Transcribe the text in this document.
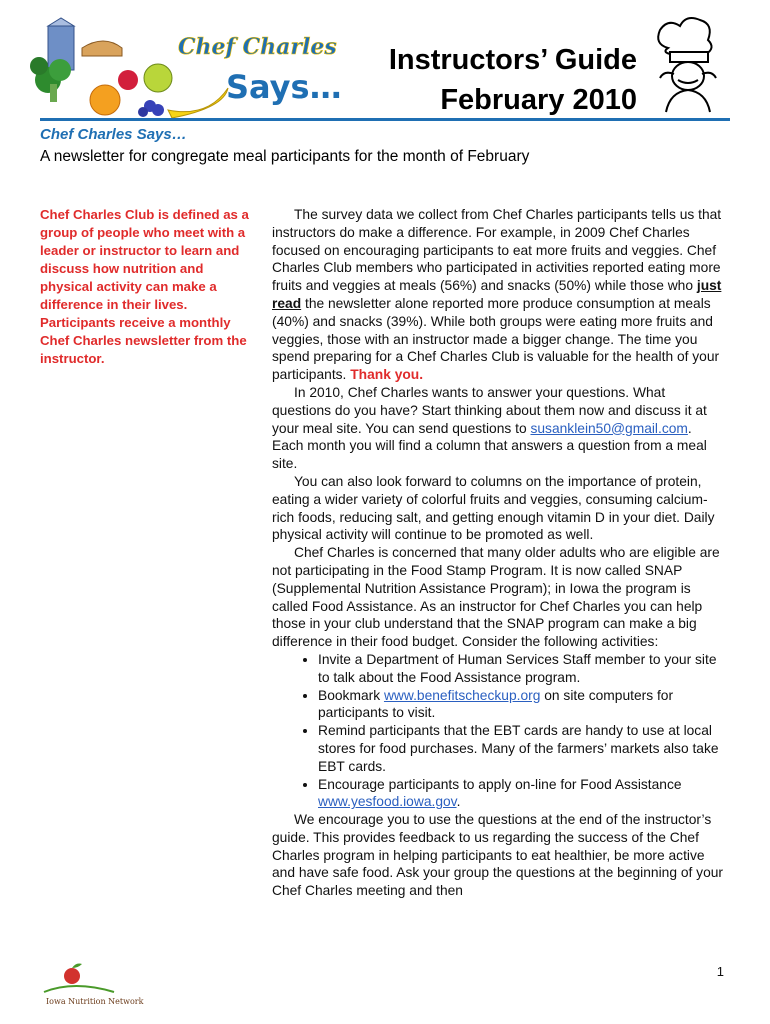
Chef Charles
Says…
Instructors’ Guide
February 2010
Chef Charles Says…
A newsletter for congregate meal participants for the month of February
Chef Charles Club is defined as a group of people who meet with a leader or instructor to learn and discuss how nutrition and physical activity can make a difference in their lives. Participants receive a monthly Chef Charles newsletter from the instructor.

The survey data we collect from Chef Charles participants tells us that instructors do make a difference. For example, in 2009 Chef Charles focused on encouraging participants to eat more fruits and veggies. Chef Charles Club members who participated in activities reported eating more fruits and veggies at meals (56%) and snacks (50%) while those who just read the newsletter alone reported more produce consumption at meals (40%) and snacks (39%). While both groups were eating more fruits and veggies, those with an instructor made a bigger change. The time you spend preparing for a Chef Charles Club is valuable for the health of your participants. Thank you.

In 2010, Chef Charles wants to answer your questions. What questions do you have? Start thinking about them now and discuss it at your meal site. You can send questions to susanklein50@gmail.com. Each month you will find a column that answers a question from a meal site.

You can also look forward to columns on the importance of protein, eating a wider variety of colorful fruits and veggies, consuming calcium-rich foods, reducing salt, and getting enough vitamin D in your diet. Daily physical activity will continue to be promoted as well.

Chef Charles is concerned that many older adults who are eligible are not participating in the Food Stamp Program. It is now called SNAP (Supplemental Nutrition Assistance Program); in Iowa the program is called Food Assistance. As an instructor for Chef Charles you can help those in your club understand that the SNAP program can make a big difference in their food budget. Consider the following activities:

• Invite a Department of Human Services Staff member to your site to talk about the Food Assistance program.
• Bookmark www.benefitscheckup.org on site computers for participants to visit.
• Remind participants that the EBT cards are handy to use at local stores for food purchases. Many of the farmers’ markets also take EBT cards.
• Encourage participants to apply on-line for Food Assistance www.yesfood.iowa.gov.

We encourage you to use the questions at the end of the instructor’s guide. This provides feedback to us regarding the success of the Chef Charles program in helping participants to eat healthier, be more active and have safe food. Ask your group the questions at the beginning of your Chef Charles meeting and then

1
Iowa Nutrition Network
